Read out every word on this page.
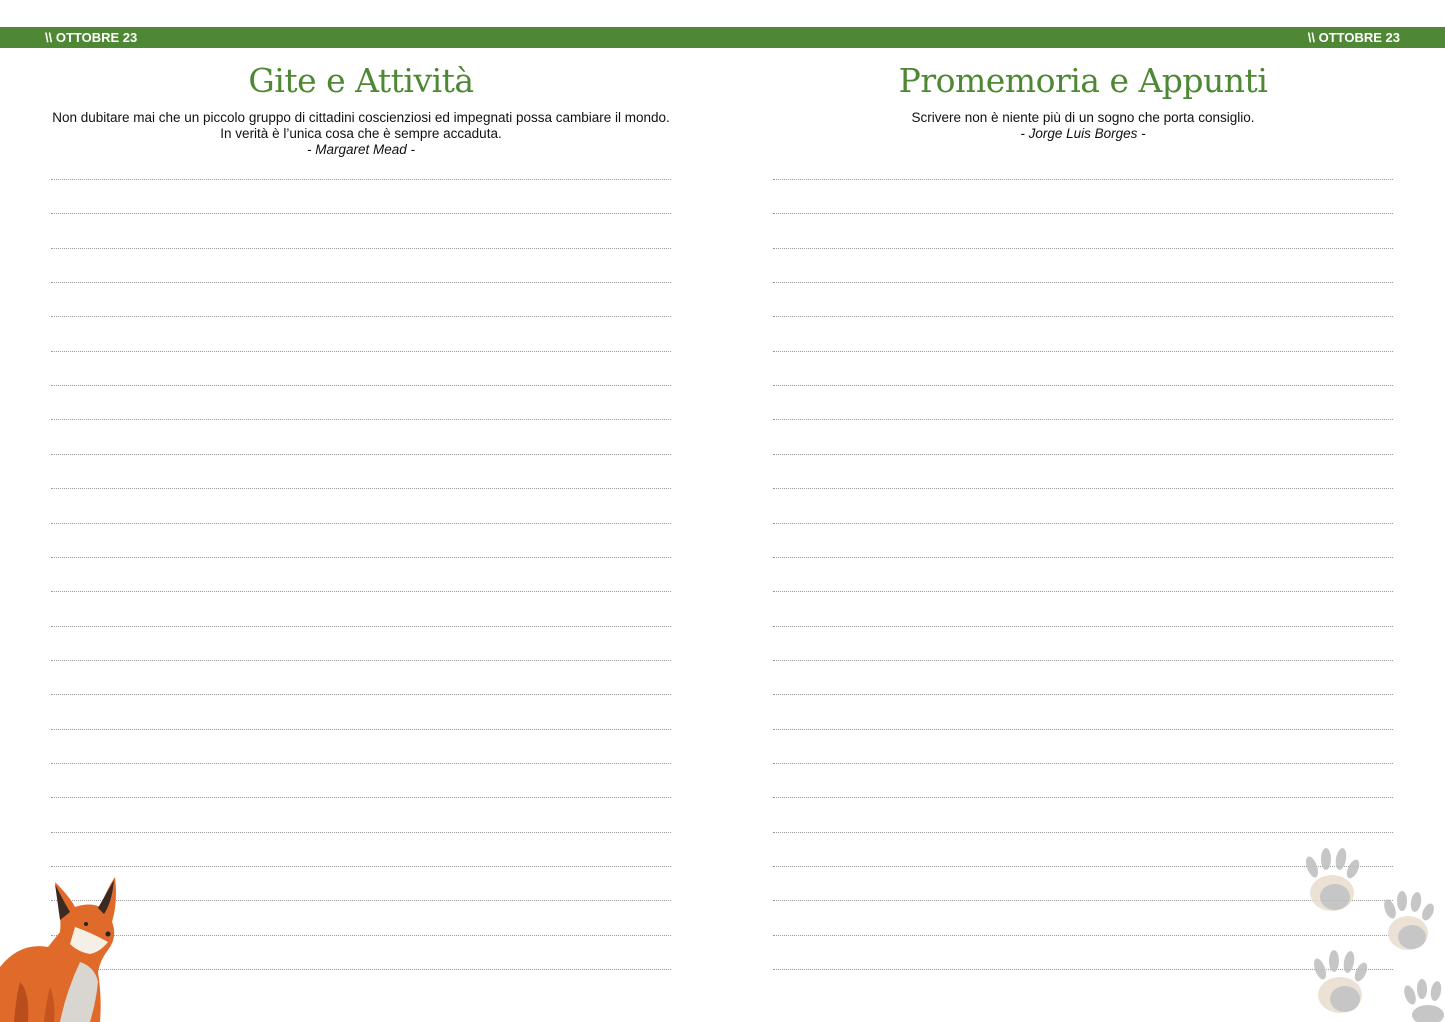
\\ OTTOBRE 23	\\ OTTOBRE 23
Gite e Attività
Non dubitare mai che un piccolo gruppo di cittadini coscienziosi ed impegnati possa cambiare il mondo.
In verità è l’unica cosa che è sempre accaduta.
- Margaret Mead -
Promemoria e Appunti
Scrivere non è niente più di un sogno che porta consiglio.
- Jorge Luis Borges -
